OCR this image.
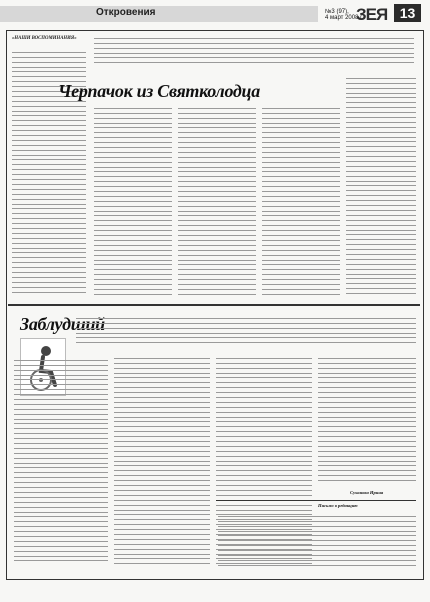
Откровения	№3 (97),
4 март 2008 г.
ЗЕЯ 13
«НАШИ ВОСПОМИНАНИЯ»
Черпачок из Святколодца
Заблудший
Суханова Ирина
Письмо в редакцию
